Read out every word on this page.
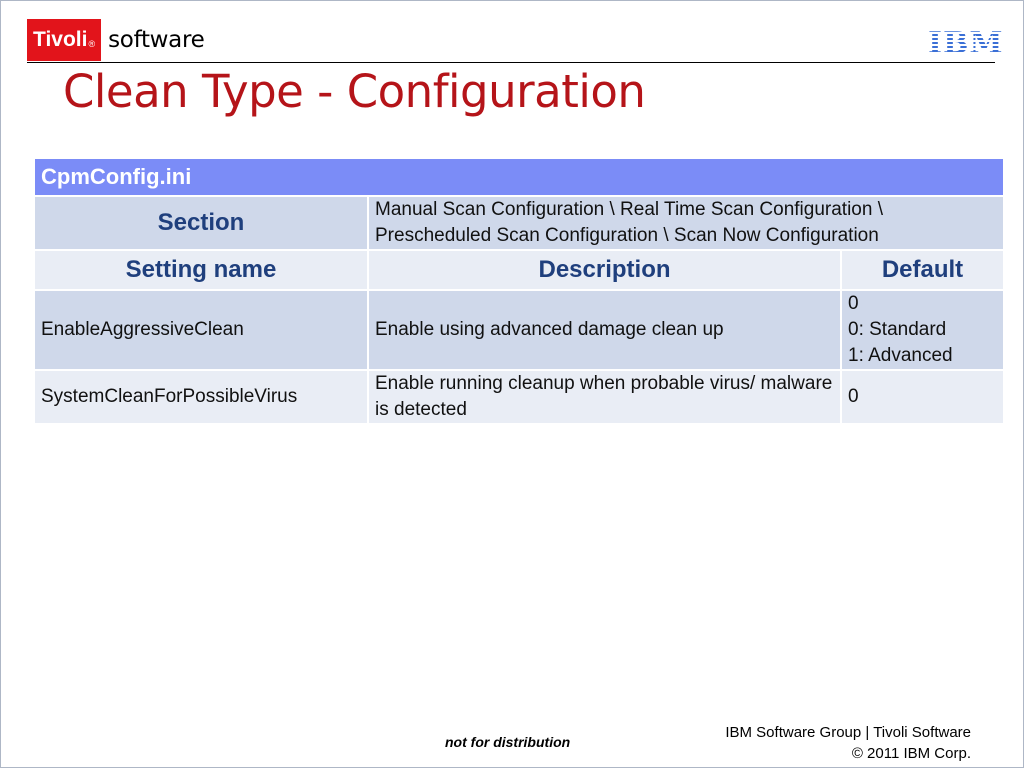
Tivoli ® software	IBM
Clean Type - Configuration
CpmConfig.ini		
Section	Manual Scan Configuration \ Real Time Scan Configuration \ Prescheduled Scan Configuration \ Scan Now Configuration	
Setting name	Description	Default
EnableAggressiveClean	Enable using advanced damage clean up	0
0: Standard
1: Advanced
SystemCleanForPossibleVirus	Enable running cleanup when probable virus/ malware is detected	0
not for distribution
IBM Software Group | Tivoli Software
© 2011 IBM Corp.
